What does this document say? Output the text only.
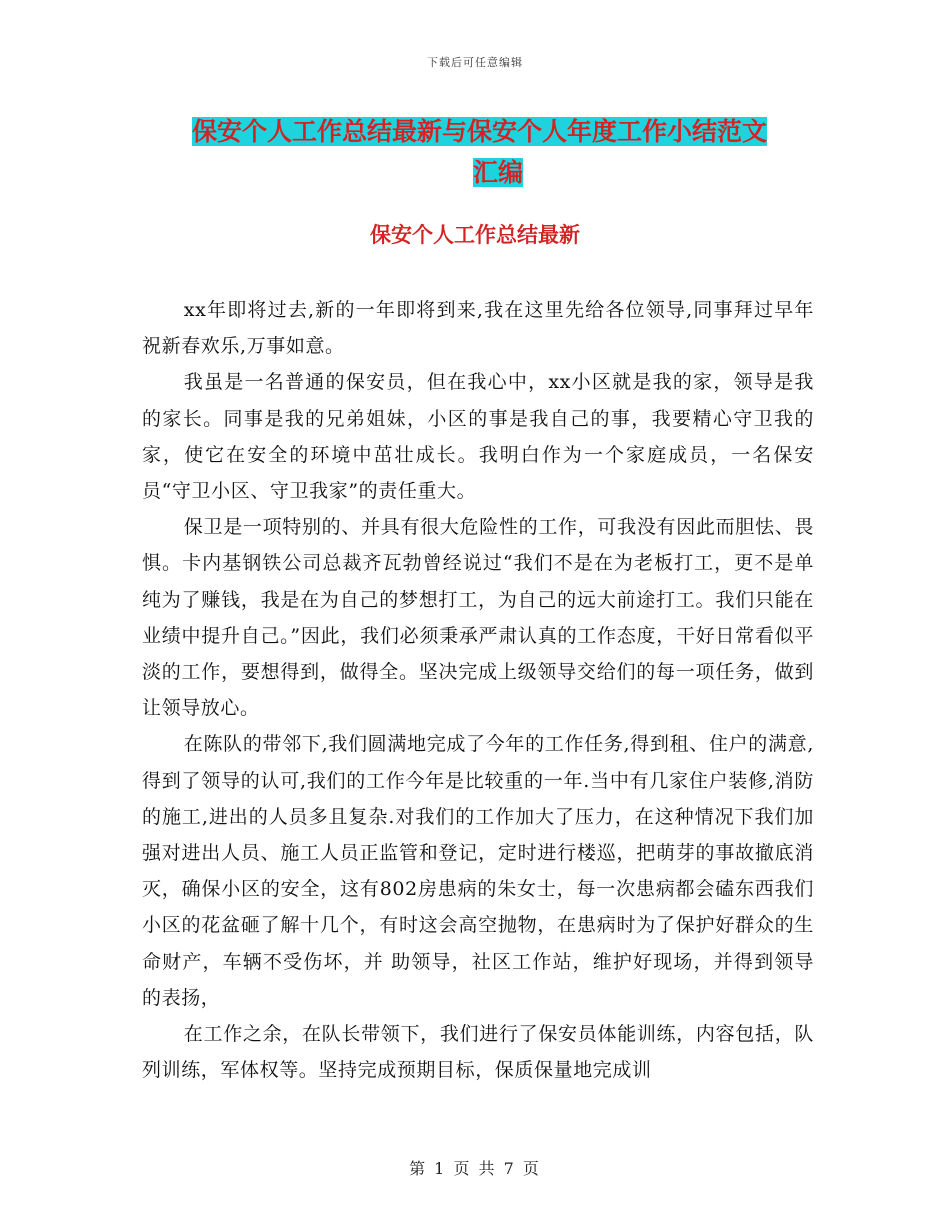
下载后可任意编辑
保安个人工作总结最新与保安个人年度工作小结范文
汇编
保安个人工作总结最新

xx年即将过去,新的一年即将到来,我在这里先给各位领导,同事拜过早年祝新春欢乐,万事如意。

我虽是一名普通的保安员，但在我心中，xx小区就是我的家，领导是我的家长。同事是我的兄弟姐妹，小区的事是我自己的事，我要精心守卫我的家，使它在安全的环境中茁壮成长。我明白作为一个家庭成员，一名保安员“守卫小区、守卫我家”的责任重大。

保卫是一项特别的、并具有很大危险性的工作，可我没有因此而胆怯、畏惧。卡内基钢铁公司总裁齐瓦勃曾经说过“我们不是在为老板打工，更不是单纯为了赚钱，我是在为自己的梦想打工，为自己的远大前途打工。我们只能在业绩中提升自己。”因此，我们必须秉承严肃认真的工作态度，干好日常看似平淡的工作，要想得到，做得全。坚决完成上级领导交给们的每一项任务，做到让领导放心。

在陈队的带邻下,我们圆满地完成了今年的工作任务,得到租、住户的满意,得到了领导的认可,我们的工作今年是比较重的一年.当中有几家住户装修,消防的施工,进出的人员多且复杂.对我们的工作加大了压力，在这种情况下我们加强对进出人员、施工人员正监管和登记，定时进行楼巡，把萌芽的事故撤底消灭，确保小区的安全，这有802房患病的朱女士，每一次患病都会磕东西我们小区的花盆砸了解十几个，有时这会高空抛物，在患病时为了保护好群众的生命财产，车辆不受伤坏，并 助领导，社区工作站，维护好现场，并得到领导的表扬，

在工作之余，在队长带领下，我们进行了保安员体能训练，内容包括，队列训练，军体权等。坚持完成预期目标，保质保量地完成训

第 1 页 共 7 页
